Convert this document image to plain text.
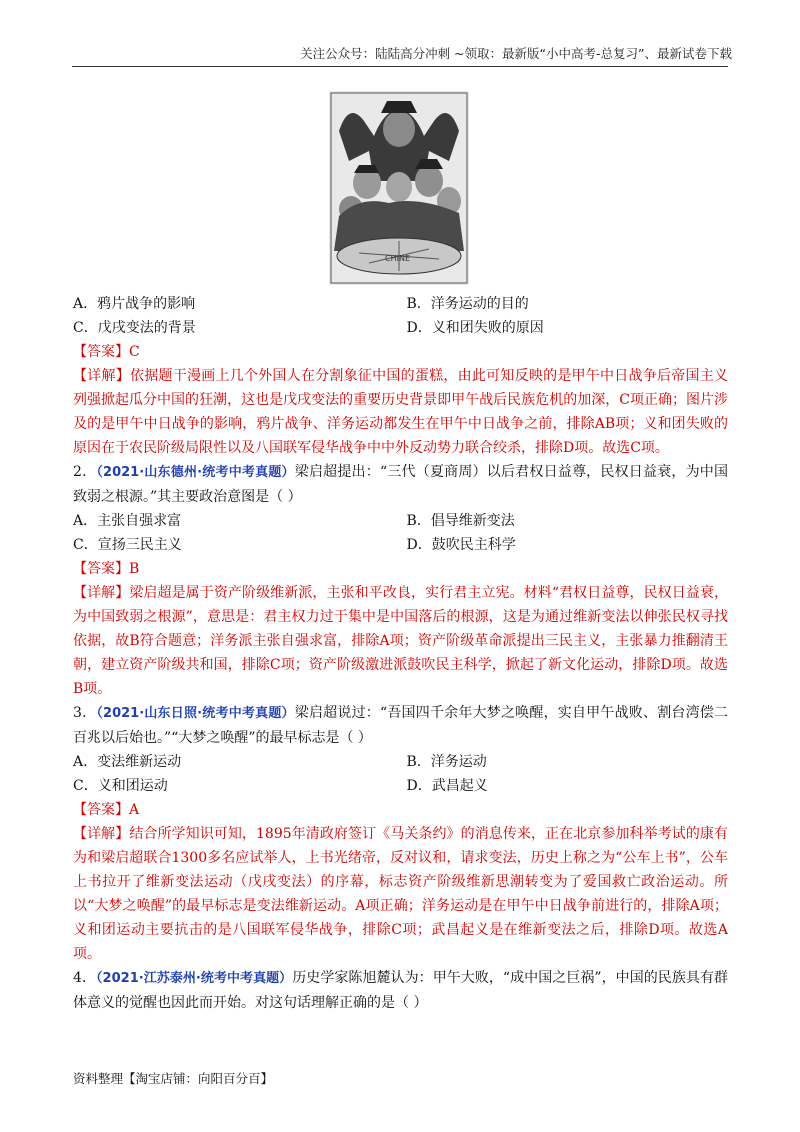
关注公众号：陆陆高分冲刺 ~领取：最新版“小中高考-总复习”、最新试卷下载
CHINE
A．鸦片战争的影响	B．洋务运动的目的
C．戊戌变法的背景	D．义和团失败的原因
【答案】C
【详解】依据题干漫画上几个外国人在分割象征中国的蛋糕，由此可知反映的是甲午中日战争后帝国主义列强掀起瓜分中国的狂潮，这也是戊戌变法的重要历史背景即甲午战后民族危机的加深，C项正确；图片涉及的是甲午中日战争的影响，鸦片战争、洋务运动都发生在甲午中日战争之前，排除AB项；义和团失败的原因在于农民阶级局限性以及八国联军侵华战争中中外反动势力联合绞杀，排除D项。故选C项。
2．（2021·山东德州·统考中考真题）梁启超提出：“三代（夏商周）以后君权日益尊，民权日益衰，为中国致弱之根源。”其主要政治意图是（ ）
A．主张自强求富	B．倡导维新变法
C．宣扬三民主义	D．鼓吹民主科学
【答案】B
【详解】梁启超是属于资产阶级维新派，主张和平改良，实行君主立宪。材料“君权日益尊，民权日益衰，为中国致弱之根源”，意思是：君主权力过于集中是中国落后的根源，这是为通过维新变法以伸张民权寻找依据，故B符合题意；洋务派主张自强求富，排除A项；资产阶级革命派提出三民主义，主张暴力推翻清王朝，建立资产阶级共和国，排除C项；资产阶级激进派鼓吹民主科学，掀起了新文化运动，排除D项。故选B项。
3．（2021·山东日照·统考中考真题）梁启超说过：“吾国四千余年大梦之唤醒，实自甲午战败、割台湾偿二百兆以后始也。”“大梦之唤醒”的最早标志是（ ）
A．变法维新运动	B．洋务运动
C．义和团运动	D．武昌起义
【答案】A
【详解】结合所学知识可知，1895年清政府签订《马关条约》的消息传来，正在北京参加科举考试的康有为和梁启超联合1300多名应试举人，上书光绪帝，反对议和，请求变法，历史上称之为“公车上书”，公车上书拉开了维新变法运动（戊戌变法）的序幕，标志资产阶级维新思潮转变为了爱国救亡政治运动。所以“大梦之唤醒”的最早标志是变法维新运动。A项正确；洋务运动是在甲午中日战争前进行的，排除A项；义和团运动主要抗击的是八国联军侵华战争，排除C项；武昌起义是在维新变法之后，排除D项。故选A项。
4．（2021·江苏泰州·统考中考真题）历史学家陈旭麓认为：甲午大败，“成中国之巨祸”，中国的民族具有群体意义的觉醒也因此而开始。对这句话理解正确的是（ ）
资料整理【淘宝店铺：向阳百分百】
